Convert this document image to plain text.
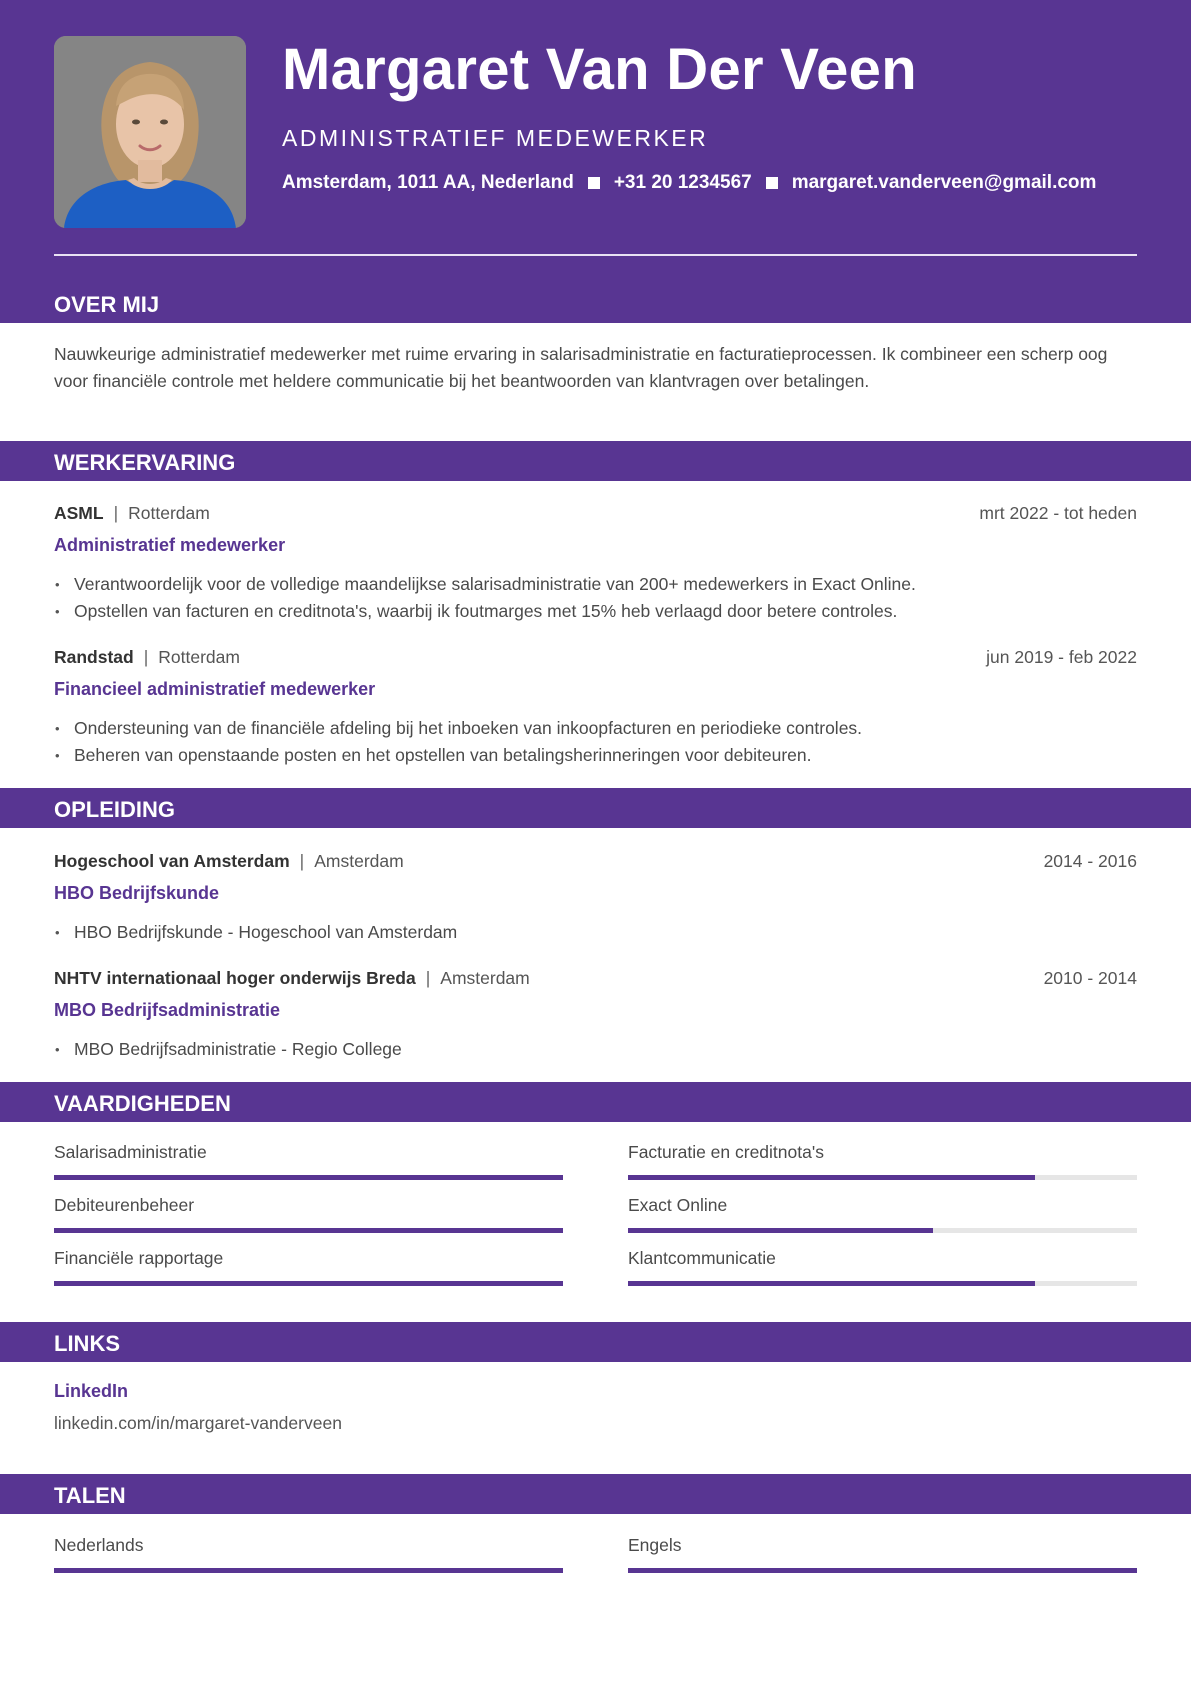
Margaret Van Der Veen
ADMINISTRATIEF MEDEWERKER
Amsterdam, 1011 AA, Nederland +31 20 1234567 margaret.vanderveen@gmail.com
OVER MIJ
Nauwkeurige administratief medewerker met ruime ervaring in salarisadministratie en facturatieprocessen. Ik combineer een scherp oog voor financiële controle met heldere communicatie bij het beantwoorden van klantvragen over betalingen.
WERKERVARING
ASML | Rotterdam	mrt 2022 - tot heden
Administratief medewerker
• Verantwoordelijk voor de volledige maandelijkse salarisadministratie van 200+ medewerkers in Exact Online.
• Opstellen van facturen en creditnota's, waarbij ik foutmarges met 15% heb verlaagd door betere controles.
Randstad | Rotterdam	jun 2019 - feb 2022
Financieel administratief medewerker
• Ondersteuning van de financiële afdeling bij het inboeken van inkoopfacturen en periodieke controles.
• Beheren van openstaande posten en het opstellen van betalingsherinneringen voor debiteuren.
OPLEIDING
Hogeschool van Amsterdam | Amsterdam	2014 - 2016
HBO Bedrijfskunde
• HBO Bedrijfskunde - Hogeschool van Amsterdam
NHTV internationaal hoger onderwijs Breda | Amsterdam	2010 - 2014
MBO Bedrijfsadministratie
• MBO Bedrijfsadministratie - Regio College
VAARDIGHEDEN
Salarisadministratie	Facturatie en creditnota's
Debiteurenbeheer	Exact Online
Financiële rapportage	Klantcommunicatie
LINKS
LinkedIn
linkedin.com/in/margaret-vanderveen
TALEN
Nederlands	Engels
